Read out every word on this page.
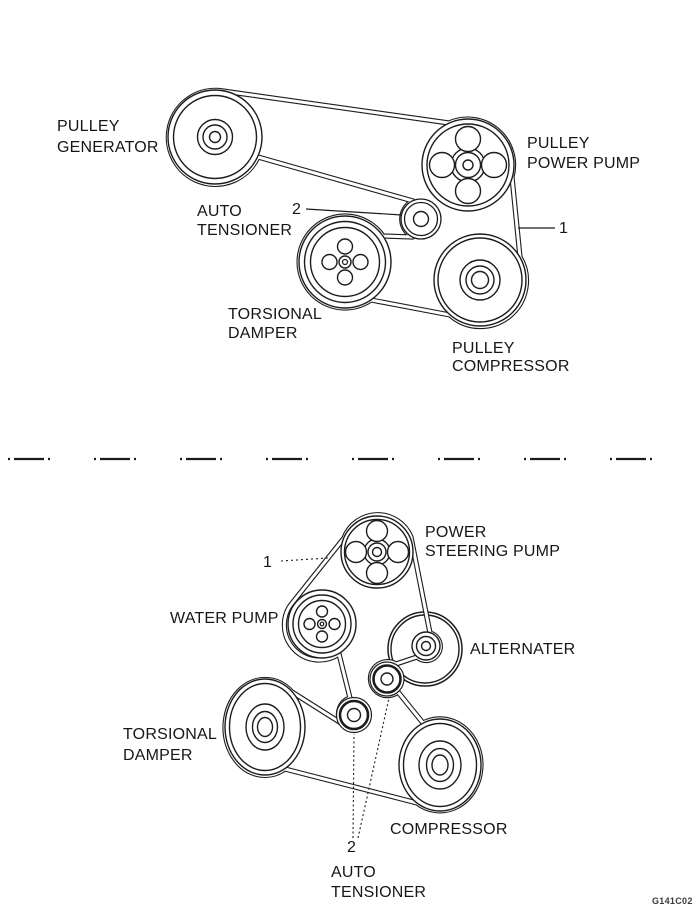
PULLEY
GENERATOR	PULLEY
POWER PUMP
AUTO
TENSIONER
TORSIONAL
DAMPER
PULLEY
COMPRESSOR
2
1
POWER
STEERING PUMP
WATER PUMP
ALTERNATER
TORSIONAL
DAMPER
COMPRESSOR
1
2
AUTO
TENSIONER	G141C02
